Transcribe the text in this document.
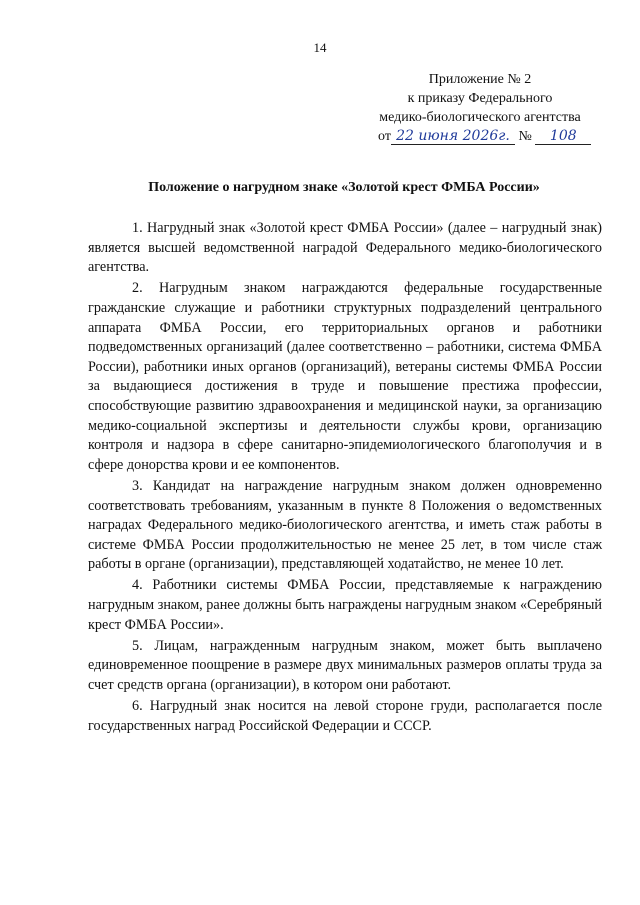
14
Приложение № 2
к приказу Федерального
медико-биологического агентства
от 22 июня 2026г. № 108
Положение о нагрудном знаке «Золотой крест ФМБА России»

1. Нагрудный знак «Золотой крест ФМБА России» (далее – нагрудный знак) является высшей ведомственной наградой Федерального медико-биологического агентства.

2. Нагрудным знаком награждаются федеральные государственные гражданские служащие и работники структурных подразделений центрального аппарата ФМБА России, его территориальных органов и работники подведомственных организаций (далее соответственно – работники, система ФМБА России), работники иных органов (организаций), ветераны системы ФМБА России за выдающиеся достижения в труде и повышение престижа профессии, способствующие развитию здравоохранения и медицинской науки, за организацию медико-социальной экспертизы и деятельности службы крови, организацию контроля и надзора в сфере санитарно-эпидемиологического благополучия и в сфере донорства крови и ее компонентов.

3. Кандидат на награждение нагрудным знаком должен одновременно соответствовать требованиям, указанным в пункте 8 Положения о ведомственных наградах Федерального медико-биологического агентства, и иметь стаж работы в системе ФМБА России продолжительностью не менее 25 лет, в том числе стаж работы в органе (организации), представляющей ходатайство, не менее 10 лет.

4. Работники системы ФМБА России, представляемые к награждению нагрудным знаком, ранее должны быть награждены нагрудным знаком «Серебряный крест ФМБА России».

5. Лицам, награжденным нагрудным знаком, может быть выплачено единовременное поощрение в размере двух минимальных размеров оплаты труда за счет средств органа (организации), в котором они работают.

6. Нагрудный знак носится на левой стороне груди, располагается после государственных наград Российской Федерации и СССР.
